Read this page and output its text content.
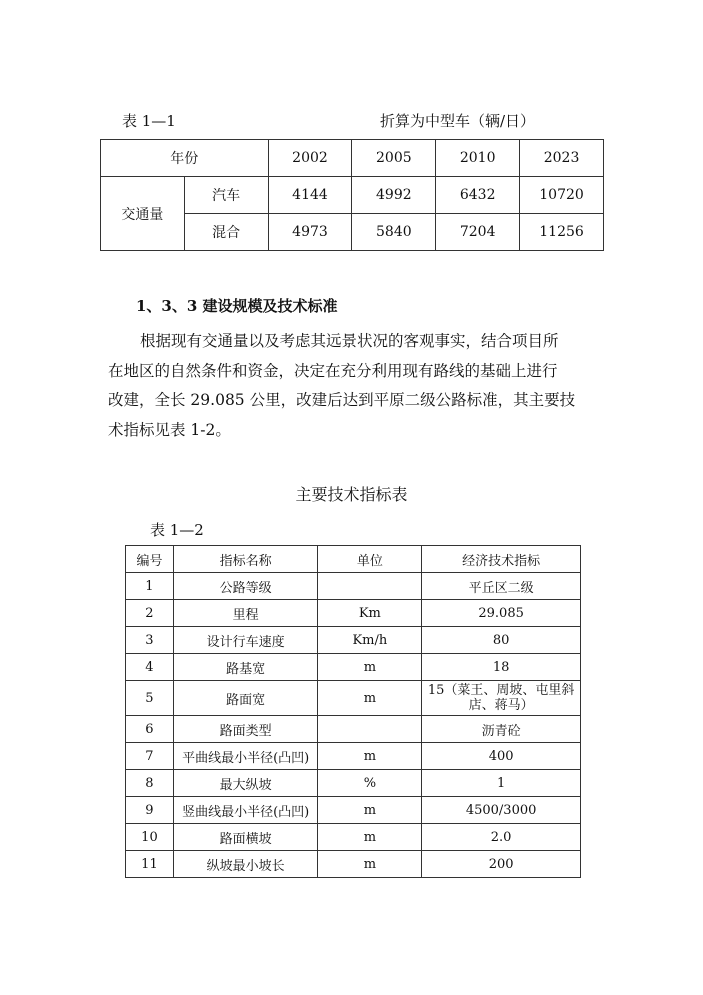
表 1—1	折算为中型车（辆/日）
年份		2002	2005	2010	2023
交通量	汽车	4144	4992	6432	10720
	混合	4973	5840	7204	11256
1、3、3 建设规模及技术标准
根据现有交通量以及考虑其远景状况的客观事实，结合项目所
在地区的自然条件和资金，决定在充分利用现有路线的基础上进行
改建，全长 29.085 公里，改建后达到平原二级公路标准，其主要技
术指标见表 1-2。
主要技术指标表
表 1—2
编号	指标名称	单位	经济技术指标
1	公路等级		平丘区二级
2	里程	Km	29.085
3	设计行车速度	Km/h	80
4	路基宽	m	18
5	路面宽	m	15（菜王、周坡、屯里斜店、蒋马）
6	路面类型		沥青砼
7	平曲线最小半径(凸凹)	m	400
8	最大纵坡	%	1
9	竖曲线最小半径(凸凹)	m	4500/3000
10	路面横坡	m	2.0
11	纵坡最小坡长	m	200
